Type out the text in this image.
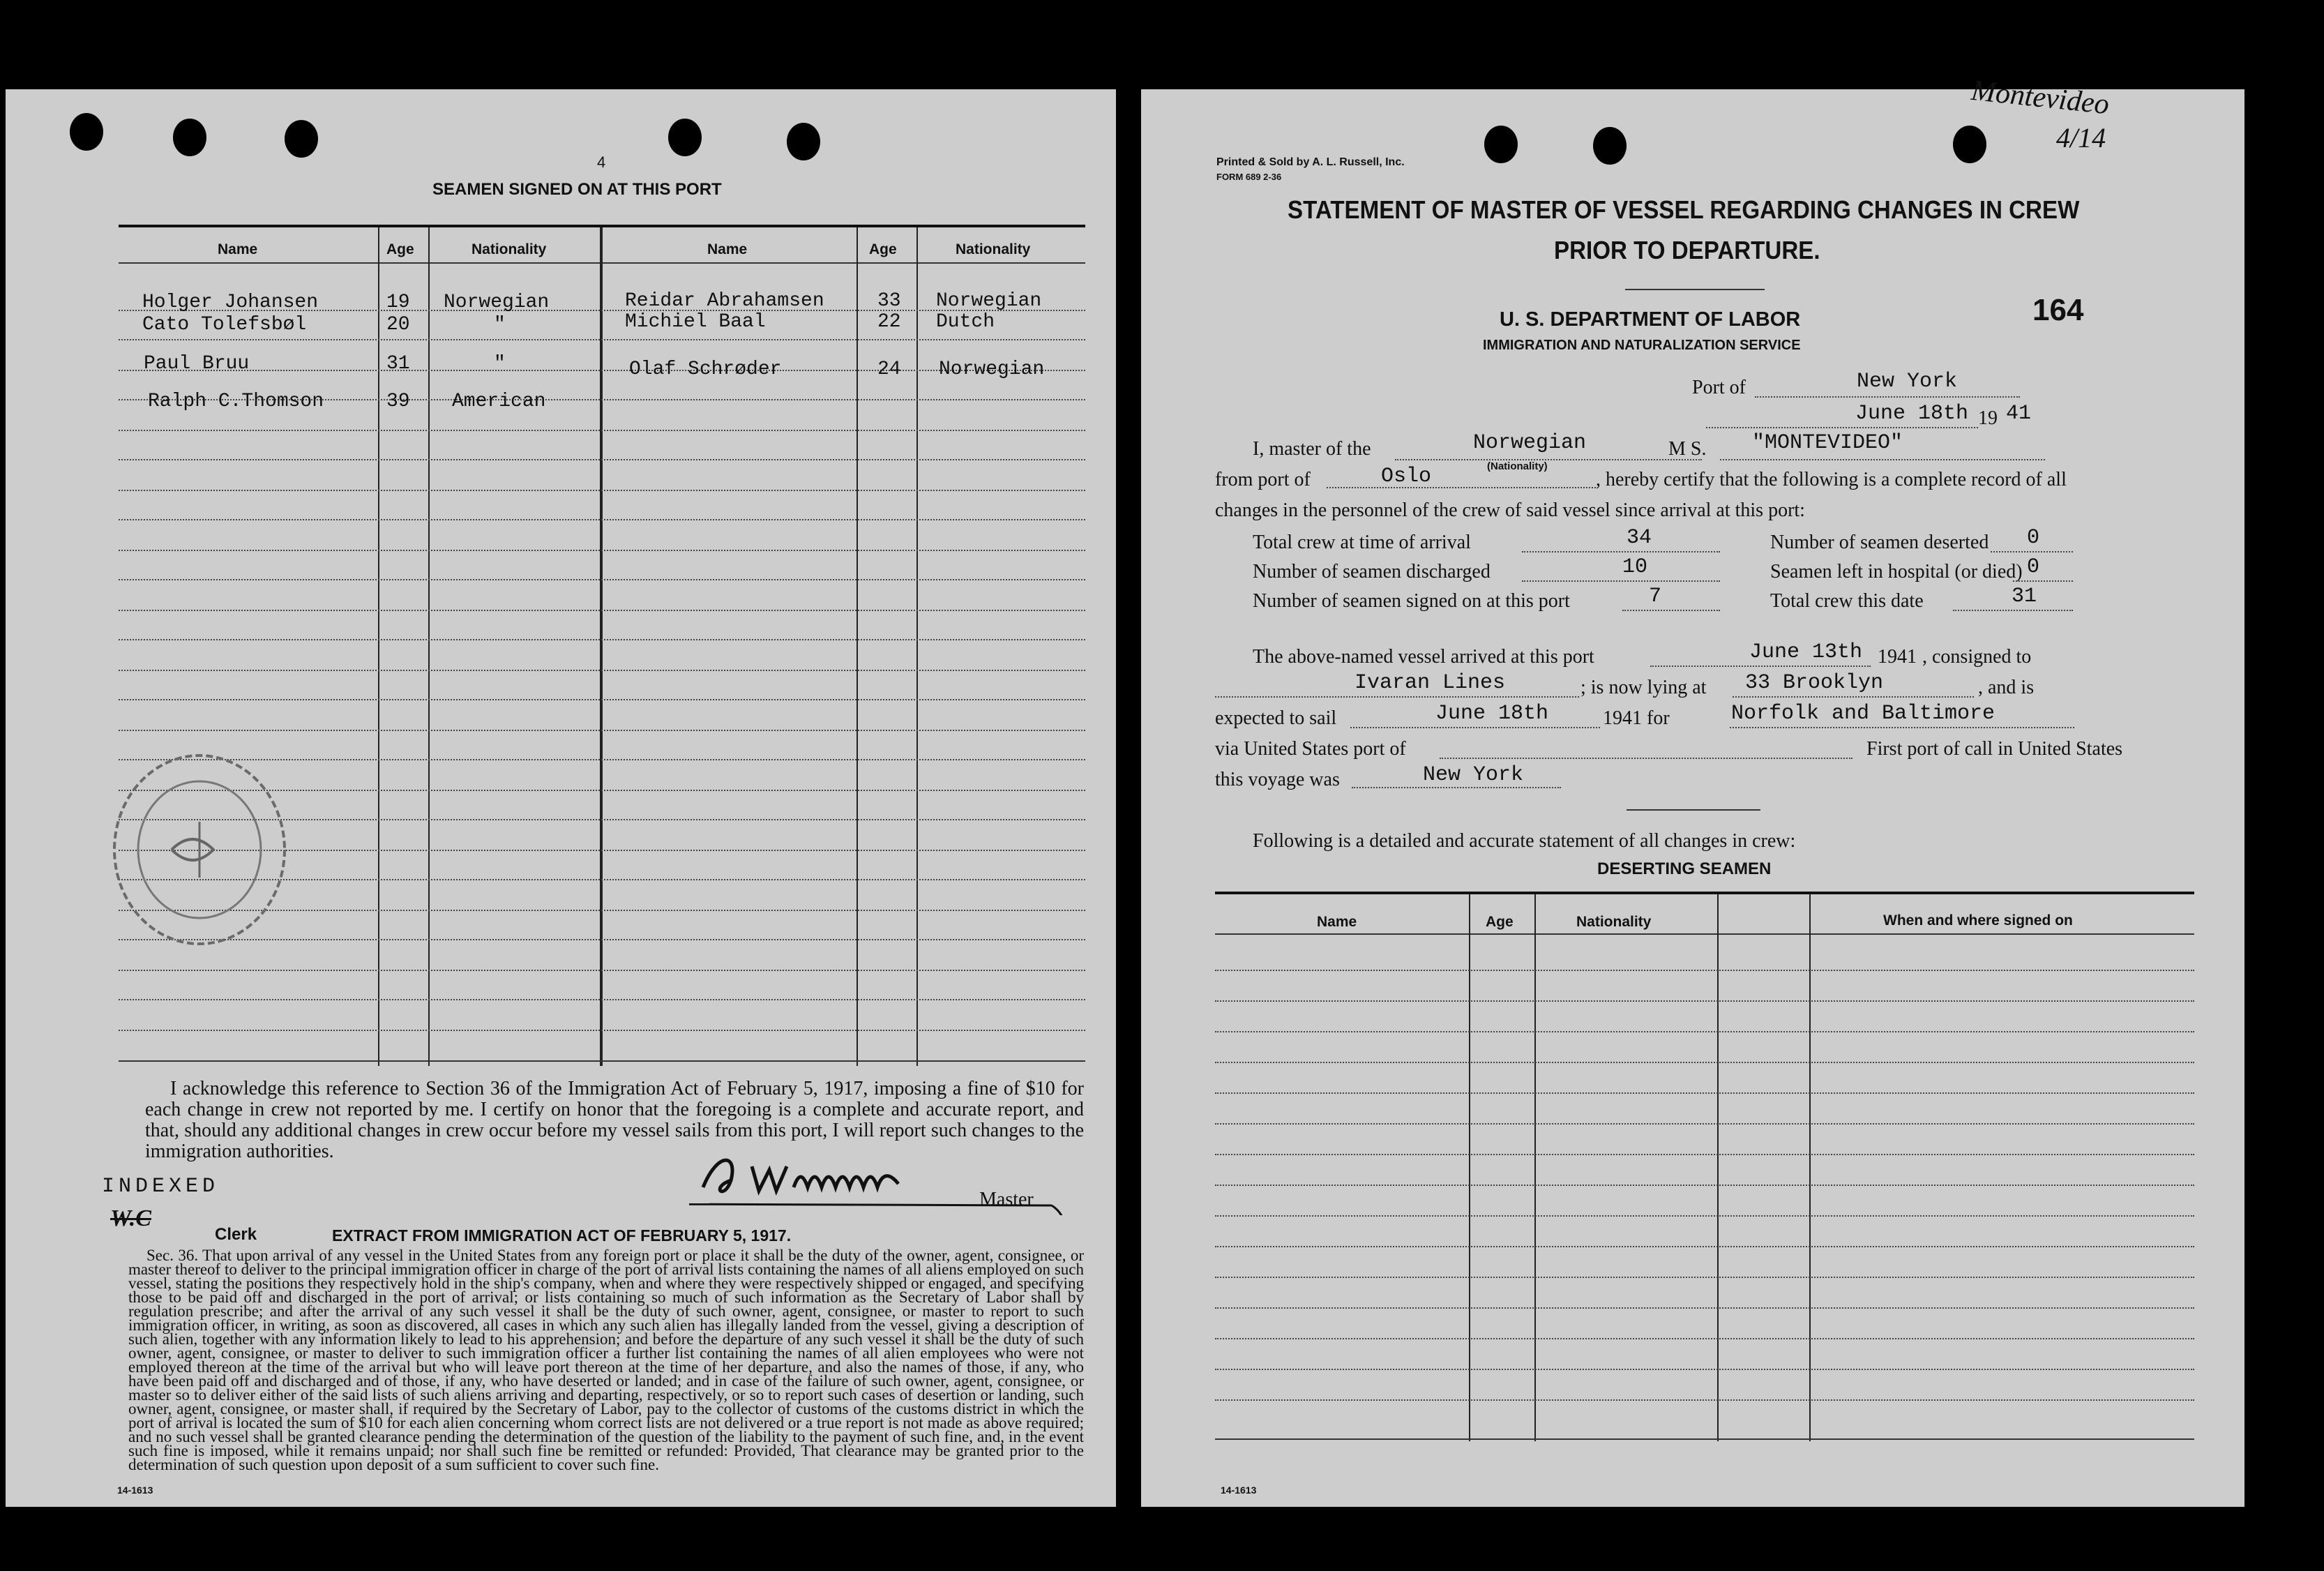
4
SEAMEN SIGNED ON AT THIS PORT
Name	Age	Nationality	Name	Age	Nationality
Holger Johansen	19 Norwegian
Cato Tolefsbøl	20	"
Paul Bruu	31	"
Ralph C.Thomson	39 American
Reidar Abrahamsen	33 Norwegian
Michiel Baal	22 Dutch
Olaf Schrøder	24 Norwegian
I acknowledge this reference to Section 36 of the Immigration Act of February 5, 1917, imposing a fine of $10 for each change in crew not reported by me. I certify on honor that the foregoing is a complete and accurate report, and that, should any additional changes in crew occur before my vessel sails from this port, I will report such changes to the immigration authorities.
Master
INDEXED
W.C
Clerk	EXTRACT FROM IMMIGRATION ACT OF FEBRUARY 5, 1917.
Sec. 36. That upon arrival of any vessel in the United States from any foreign port or place it shall be the duty of the owner, agent, consignee, or master thereof to deliver to the principal immigration officer in charge of the port of arrival lists containing the names of all aliens employed on such vessel, stating the positions they respectively hold in the ship's company, when and where they were respectively shipped or engaged, and specifying those to be paid off and discharged in the port of arrival; or lists containing so much of such information as the Secretary of Labor shall by regulation prescribe; and after the arrival of any such vessel it shall be the duty of such owner, agent, consignee, or master to report to such immigration officer, in writing, as soon as discovered, all cases in which any such alien has illegally landed from the vessel, giving a description of such alien, together with any information likely to lead to his apprehension; and before the departure of any such vessel it shall be the duty of such owner, agent, consignee, or master to deliver to such immigration officer a further list containing the names of all alien employees who were not employed thereon at the time of the arrival but who will leave port thereon at the time of her departure, and also the names of those, if any, who have been paid off and discharged and of those, if any, who have deserted or landed; and in case of the failure of such owner, agent, consignee, or master so to deliver either of the said lists of such aliens arriving and departing, respectively, or so to report such cases of desertion or landing, such owner, agent, consignee, or master shall, if required by the Secretary of Labor, pay to the collector of customs of the customs district in which the port of arrival is located the sum of $10 for each alien concerning whom correct lists are not delivered or a true report is not made as above required; and no such vessel shall be granted clearance pending the determination of the question of the liability to the payment of such fine, and, in the event such fine is imposed, while it remains unpaid; nor shall such fine be remitted or refunded: Provided, That clearance may be granted prior to the determination of such question upon deposit of a sum sufficient to cover such fine.
14-1613
Printed & Sold by A. L. Russell, Inc.
FORM 689 2-36
Montevideo
4/14
STATEMENT OF MASTER OF VESSEL REGARDING CHANGES IN CREW
PRIOR TO DEPARTURE.
U. S. DEPARTMENT OF LABOR
IMMIGRATION AND NATURALIZATION SERVICE
164
Port of	New York
June 18th 19 41
I, master of the	Norwegian
(Nationality)
M S. "MONTEVIDEO"
from port of	Oslo	, hereby certify that the following is a complete record of all
changes in the personnel of the crew of said vessel since arrival at this port:
Total crew at time of arrival	34	Number of seamen deserted 0
Number of seamen discharged	10	Seamen left in hospital (or died) 0
Number of seamen signed on at this port	7	Total crew this date	31
The above-named vessel arrived at this port	June 13th 1941 , consigned to
Ivaran Lines	; is now lying at 33 Brooklyn	, and is
expected to sail	June 18th	1941 for	Norfolk and Baltimore
via United States port of	First port of call in United States
this voyage was	New York
Following is a detailed and accurate statement of all changes in crew:
DESERTING SEAMEN
Name	Age	Nationality	When and where signed on
14-1613
